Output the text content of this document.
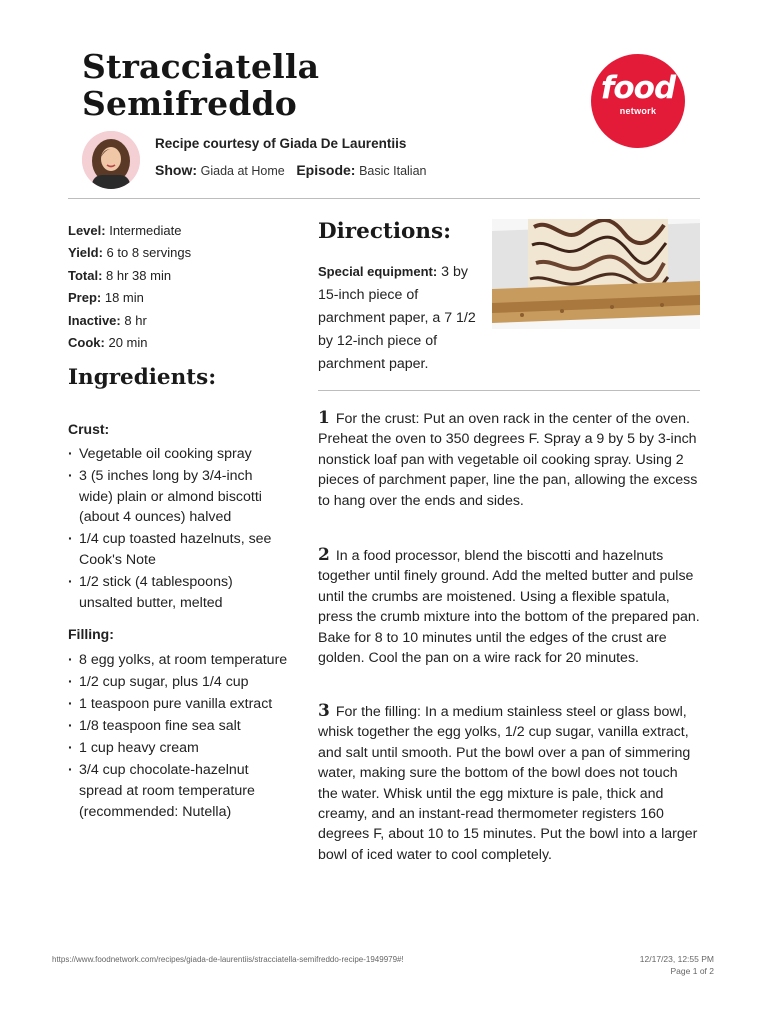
Stracciatella
Semifreddo	food
network
Recipe courtesy of Giada De Laurentiis
Show: Giada at Home Episode: Basic Italian
Level: Intermediate
Yield: 6 to 8 servings
Total: 8 hr 38 min
Prep: 18 min
Inactive: 8 hr
Cook: 20 min
Ingredients:
Crust:
· Vegetable oil cooking spray
· 3 (5 inches long by 3/4-inch wide) plain or almond biscotti (about 4 ounces) halved
· 1/4 cup toasted hazelnuts, see Cook's Note
· 1/2 stick (4 tablespoons) unsalted butter, melted
Filling:
· 8 egg yolks, at room temperature
· 1/2 cup sugar, plus 1/4 cup
· 1 teaspoon pure vanilla extract
· 1/8 teaspoon fine sea salt
· 1 cup heavy cream
· 3/4 cup chocolate-hazelnut spread at room temperature (recommended: Nutella)
Directions:
Special equipment: 3 by 15-inch piece of parchment paper, a 7 1/2 by 12-inch piece of parchment paper.
1 For the crust: Put an oven rack in the center of the oven. Preheat the oven to 350 degrees F. Spray a 9 by 5 by 3-inch nonstick loaf pan with vegetable oil cooking spray. Using 2 pieces of parchment paper, line the pan, allowing the excess to hang over the ends and sides.
2 In a food processor, blend the biscotti and hazelnuts together until finely ground. Add the melted butter and pulse until the crumbs are moistened. Using a flexible spatula, press the crumb mixture into the bottom of the prepared pan. Bake for 8 to 10 minutes until the edges of the crust are golden. Cool the pan on a wire rack for 20 minutes.
3 For the filling: In a medium stainless steel or glass bowl, whisk together the egg yolks, 1/2 cup sugar, vanilla extract, and salt until smooth. Put the bowl over a pan of simmering water, making sure the bottom of the bowl does not touch the water. Whisk until the egg mixture is pale, thick and creamy, and an instant-read thermometer registers 160 degrees F, about 10 to 15 minutes. Put the bowl into a larger bowl of iced water to cool completely.
https://www.foodnetwork.com/recipes/giada-de-laurentiis/stracciatella-semifreddo-recipe-1949979#!	12/17/23, 12:55 PM
Page 1 of 2
